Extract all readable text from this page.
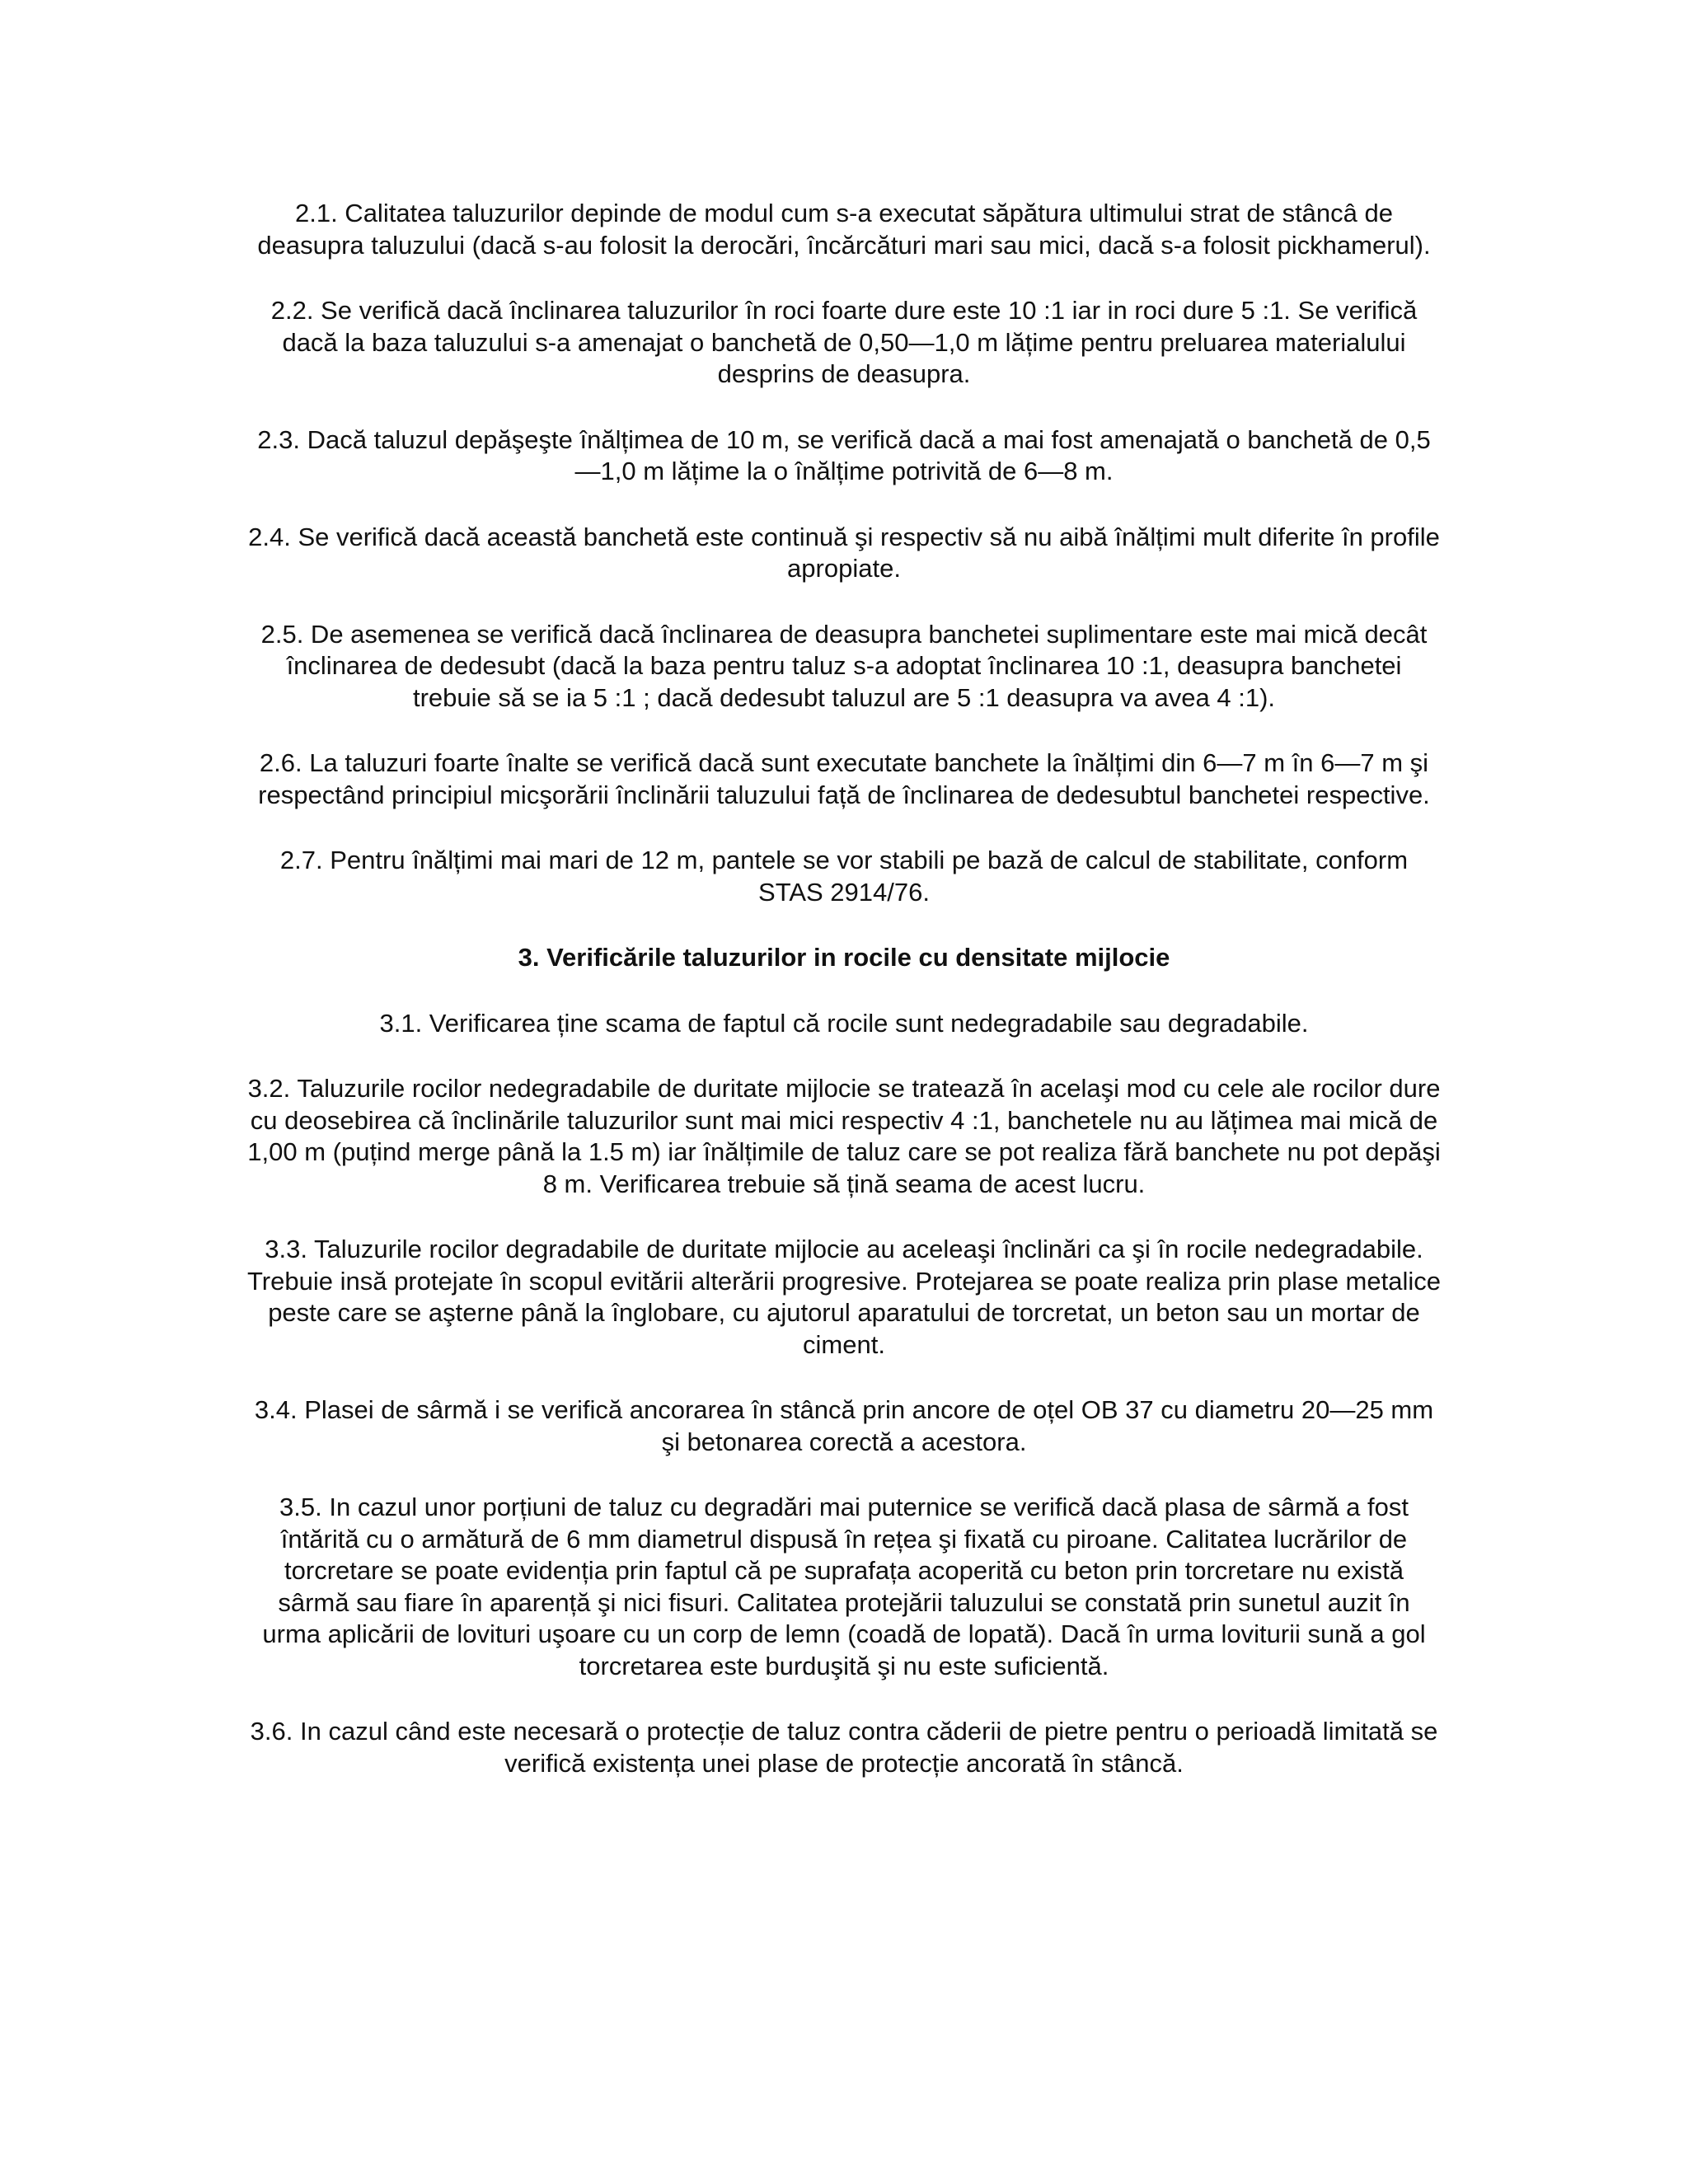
2.1. Calitatea taluzurilor depinde de modul cum s-a executat săpătura ultimului strat de stâncâ de deasupra taluzului (dacă s-au folosit la derocări, încărcături mari sau mici, dacă s-a folosit pickhamerul).

2.2. Se verifică dacă înclinarea taluzurilor în roci foarte dure este 10 :1 iar in roci dure 5 :1. Se verifică dacă la baza taluzului s-a amenajat o banchetă de 0,50—1,0 m lățime pentru preluarea materialului desprins de deasupra.

2.3. Dacă taluzul depăşeşte înălțimea de 10 m, se verifică dacă a mai fost amenajată o banchetă de 0,5—1,0 m lățime la o înălțime potrivită de 6—8 m.

2.4. Se verifică dacă această banchetă este continuă şi respectiv să nu aibă înălțimi mult diferite în profile apropiate.

2.5. De asemenea se verifică dacă înclinarea de deasupra banchetei suplimentare este mai mică decât înclinarea de dedesubt (dacă la baza pentru taluz s-a adoptat înclinarea 10 :1, deasupra banchetei trebuie să se ia 5 :1 ; dacă dedesubt taluzul are 5 :1 deasupra va avea 4 :1).

2.6. La taluzuri foarte înalte se verifică dacă sunt executate banchete la înălțimi din 6—7 m în 6—7 m şi respectând principiul micşorării înclinării taluzului față de înclinarea de dedesubtul banchetei respective.

2.7. Pentru înălțimi mai mari de 12 m, pantele se vor stabili pe bază de calcul de stabilitate, conform STAS 2914/76.

3. Verificările taluzurilor in rocile cu densitate mijlocie

3.1. Verificarea ține scama de faptul că rocile sunt nedegradabile sau degradabile.

3.2. Taluzurile rocilor nedegradabile de duritate mijlocie se tratează în acelaşi mod cu cele ale rocilor dure cu deosebirea că înclinările taluzurilor sunt mai mici respectiv 4 :1, banchetele nu au lățimea mai mică de 1,00 m (puțind merge până la 1.5 m) iar înălțimile de taluz care se pot realiza fără banchete nu pot depăşi 8 m. Verificarea trebuie să țină seama de acest lucru.

3.3. Taluzurile rocilor degradabile de duritate mijlocie au aceleaşi înclinări ca şi în rocile nedegradabile. Trebuie insă protejate în scopul evitării alterării progresive. Protejarea se poate realiza prin plase metalice peste care se aşterne până la înglobare, cu ajutorul aparatului de torcretat, un beton sau un mortar de ciment.

3.4. Plasei de sârmă i se verifică ancorarea în stâncă prin ancore de oțel OB 37 cu diametru 20—25 mm şi betonarea corectă a acestora.

3.5. In cazul unor porțiuni de taluz cu degradări mai puternice se verifică dacă plasa de sârmă a fost întărită cu o armătură de 6 mm diametrul dispusă în rețea şi fixată cu piroane. Calitatea lucrărilor de torcretare se poate evidenția prin faptul că pe suprafața acoperită cu beton prin torcretare nu există sârmă sau fiare în aparență şi nici fisuri. Calitatea protejării taluzului se constată prin sunetul auzit în urma aplicării de lovituri uşoare cu un corp de lemn (coadă de lopată). Dacă în urma loviturii sună a gol torcretarea este burduşită şi nu este suficientă.

3.6. In cazul când este necesară o protecție de taluz contra căderii de pietre pentru o perioadă limitată se verifică existența unei plase de protecție ancorată în stâncă.
